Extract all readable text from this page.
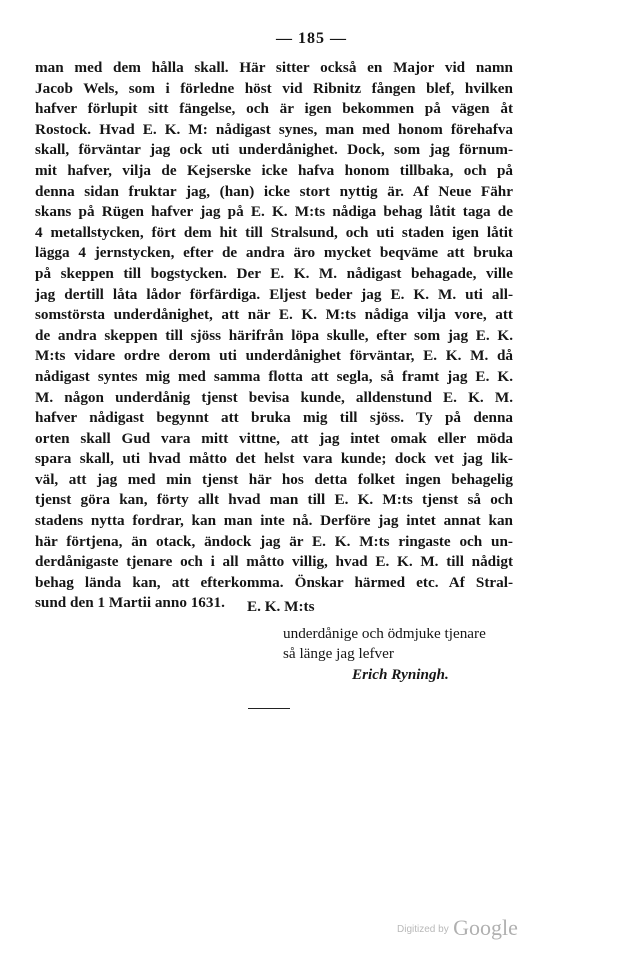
— 185 —
man med dem hålla skall. Här sitter också en Major vid namn
Jacob Wels, som i förledne höst vid Ribnitz fången blef, hvilken
hafver förlupit sitt fängelse, och är igen bekommen på vägen åt
Rostock. Hvad E. K. M: nådigast synes, man med honom förehafva
skall, förväntar jag ock uti underdånighet. Dock, som jag förnum-
mit hafver, vilja de Kejserske icke hafva honom tillbaka, och på
denna sidan fruktar jag, (han) icke stort nyttig är. Af Neue Fähr
skans på Rügen hafver jag på E. K. M:ts nådiga behag låtit taga de
4 metallstycken, fört dem hit till Stralsund, och uti staden igen låtit
lägga 4 jernstycken, efter de andra äro mycket beqväme att bruka
på skeppen till bogstycken. Der E. K. M. nådigast behagade, ville
jag dertill låta lådor förfärdiga. Eljest beder jag E. K. M. uti all-
somstörsta underdånighet, att när E. K. M:ts nådiga vilja vore, att
de andra skeppen till sjöss härifrån löpa skulle, efter som jag E. K.
M:ts vidare ordre derom uti underdånighet förväntar, E. K. M. då
nådigast syntes mig med samma flotta att segla, så framt jag E. K.
M. någon underdånig tjenst bevisa kunde, alldenstund E. K. M.
hafver nådigast begynnt att bruka mig till sjöss. Ty på denna
orten skall Gud vara mitt vittne, att jag intet omak eller möda
spara skall, uti hvad måtto det helst vara kunde; dock vet jag lik-
väl, att jag med min tjenst här hos detta folket ingen behagelig
tjenst göra kan, förty allt hvad man till E. K. M:ts tjenst så och
stadens nytta fordrar, kan man inte nå. Derföre jag intet annat kan
här förtjena, än otack, ändock jag är E. K. M:ts ringaste och un-
derdånigaste tjenare och i all måtto villig, hvad E. K. M. till nådigt
behag lända kan, att efterkomma. Önskar härmed etc. Af Stral-
sund den 1 Martii anno 1631.	E. K. M:ts
underdånige och ödmjuke tjenare
så länge jag lefver
Erich Ryningh.
Digitized by Google
